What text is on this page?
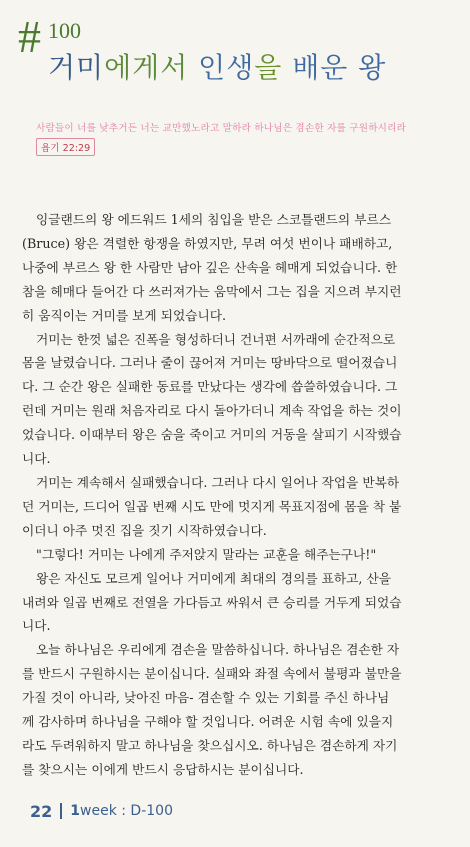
# 100
거미에게서 인생을 배운 왕
사람들이 너를 낮추거든 너는 교만했노라고 말하라 하나님은 겸손한 자를 구원하시리라
욥기 22:29
잉글랜드의 왕 에드워드 1세의 침입을 받은 스코틀랜드의 부르스
(Bruce) 왕은 격렬한 항쟁을 하였지만, 무려 여섯 번이나 패배하고,
나중에 부르스 왕 한 사람만 남아 깊은 산속을 헤매게 되었습니다. 한
참을 헤매다 들어간 다 쓰러져가는 움막에서 그는 집을 지으려 부지런
히 움직이는 거미를 보게 되었습니다.
거미는 한껏 넓은 진폭을 형성하더니 건너편 서까래에 순간적으로
몸을 날렸습니다. 그러나 줄이 끊어져 거미는 땅바닥으로 떨어졌습니
다. 그 순간 왕은 실패한 동료를 만났다는 생각에 씁쓸하였습니다. 그
런데 거미는 원래 처음자리로 다시 돌아가더니 계속 작업을 하는 것이
었습니다. 이때부터 왕은 숨을 죽이고 거미의 거동을 살피기 시작했습
니다.
거미는 계속해서 실패했습니다. 그러나 다시 일어나 작업을 반복하
던 거미는, 드디어 일곱 번째 시도 만에 멋지게 목표지점에 몸을 착 붙
이더니 아주 멋진 집을 짓기 시작하였습니다.
"그렇다! 거미는 나에게 주저앉지 말라는 교훈을 해주는구나!"
왕은 자신도 모르게 일어나 거미에게 최대의 경의를 표하고, 산을
내려와 일곱 번째로 전열을 가다듬고 싸워서 큰 승리를 거두게 되었습
니다.
오늘 하나님은 우리에게 겸손을 말씀하십니다. 하나님은 겸손한 자
를 반드시 구원하시는 분이십니다. 실패와 좌절 속에서 불평과 불만을
가질 것이 아니라, 낮아진 마음- 겸손할 수 있는 기회를 주신 하나님
께 감사하며 하나님을 구해야 할 것입니다. 어려운 시험 속에 있을지
라도 두려워하지 말고 하나님을 찾으십시오. 하나님은 겸손하게 자기
를 찾으시는 이에게 반드시 응답하시는 분이십니다.
22 1week : D-100
